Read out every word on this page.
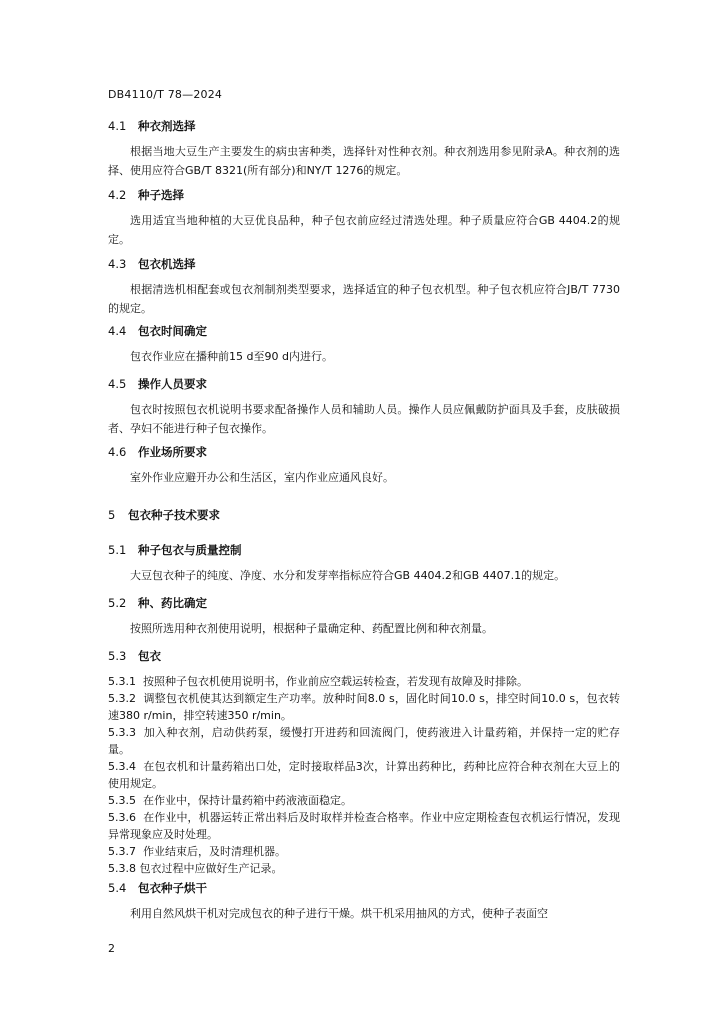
DB4110/T 78—2024

4.1 种衣剂选择

根据当地大豆生产主要发生的病虫害种类，选择针对性种衣剂。种衣剂选用参见附录A。种衣剂的选择、使用应符合GB/T 8321(所有部分)和NY/T 1276的规定。

4.2 种子选择

选用适宜当地种植的大豆优良品种，种子包衣前应经过清选处理。种子质量应符合GB 4404.2的规定。

4.3 包衣机选择

根据清选机相配套或包衣剂制剂类型要求，选择适宜的种子包衣机型。种子包衣机应符合JB/T 7730的规定。

4.4 包衣时间确定

包衣作业应在播种前15 d至90 d内进行。

4.5 操作人员要求

包衣时按照包衣机说明书要求配备操作人员和辅助人员。操作人员应佩戴防护面具及手套，皮肤破损者、孕妇不能进行种子包衣操作。

4.6 作业场所要求

室外作业应避开办公和生活区，室内作业应通风良好。

5 包衣种子技术要求

5.1 种子包衣与质量控制

大豆包衣种子的纯度、净度、水分和发芽率指标应符合GB 4404.2和GB 4407.1的规定。

5.2 种、药比确定

按照所选用种衣剂使用说明，根据种子量确定种、药配置比例和种衣剂量。

5.3 包衣

5.3.1 按照种子包衣机使用说明书，作业前应空载运转检查，若发现有故障及时排除。

5.3.2 调整包衣机使其达到额定生产功率。放种时间8.0 s，固化时间10.0 s，排空时间10.0 s，包衣转速380 r/min，排空转速350 r/min。

5.3.3 加入种衣剂，启动供药泵，缓慢打开进药和回流阀门，使药液进入计量药箱，并保持一定的贮存量。

5.3.4 在包衣机和计量药箱出口处，定时接取样品3次，计算出药种比，药种比应符合种衣剂在大豆上的使用规定。

5.3.5 在作业中，保持计量药箱中药液液面稳定。

5.3.6 在作业中，机器运转正常出料后及时取样并检查合格率。作业中应定期检查包衣机运行情况，发现异常现象应及时处理。

5.3.7 作业结束后，及时清理机器。

5.3.8 包衣过程中应做好生产记录。

5.4 包衣种子烘干

利用自然风烘干机对完成包衣的种子进行干燥。烘干机采用抽风的方式，使种子表面空

2
